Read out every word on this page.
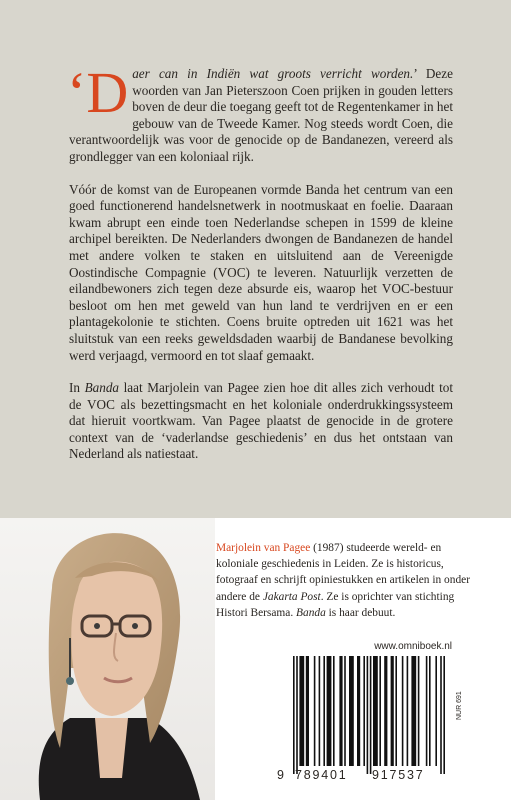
‘Daer can in Indiën wat groots verricht worden.’ Deze woorden van Jan Pieterszoon Coen prijken in gouden letters boven de deur die toegang geeft tot de Regentenkamer in het gebouw van de Tweede Kamer. Nog steeds wordt Coen, die verantwoordelijk was voor de genocide op de Bandanezen, vereerd als grondlegger van een koloniaal rijk.

Vóór de komst van de Europeanen vormde Banda het centrum van een goed functionerend handelsnetwerk in nootmuskaat en foelie. Daaraan kwam abrupt een einde toen Nederlandse schepen in 1599 de kleine archipel bereikten. De Nederlanders dwongen de Bandanezen de handel met andere volken te staken en uitsluitend aan de Vereenigde Oostindische Compagnie (VOC) te leveren. Natuurlijk verzetten de eilandbewoners zich tegen deze absurde eis, waarop het VOC-bestuur besloot om hen met geweld van hun land te verdrijven en er een plantagekolonie te stichten. Coens bruite optreden uit 1621 was het sluitstuk van een reeks geweldsdaden waarbij de Bandanese bevolking werd verjaagd, vermoord en tot slaaf gemaakt.

In Banda laat Marjolein van Pagee zien hoe dit alles zich verhoudt tot de VOC als bezettingsmacht en het koloniale onderdrukkingssysteem dat hieruit voortkwam. Van Pagee plaatst de genocide in de grotere context van de ‘vaderlandse geschiedenis’ en dus het ontstaan van Nederland als natiestaat.

Marjolein van Pagee (1987) studeerde wereld- en koloniale geschiedenis in Leiden. Ze is historicus, fotograaf en schrijft opiniestukken en artikelen in onder andere de Jakarta Post. Ze is oprichter van stichting Histori Bersama. Banda is haar debuut.
www.omniboek.nl
NUR 691
9 789401 917537
